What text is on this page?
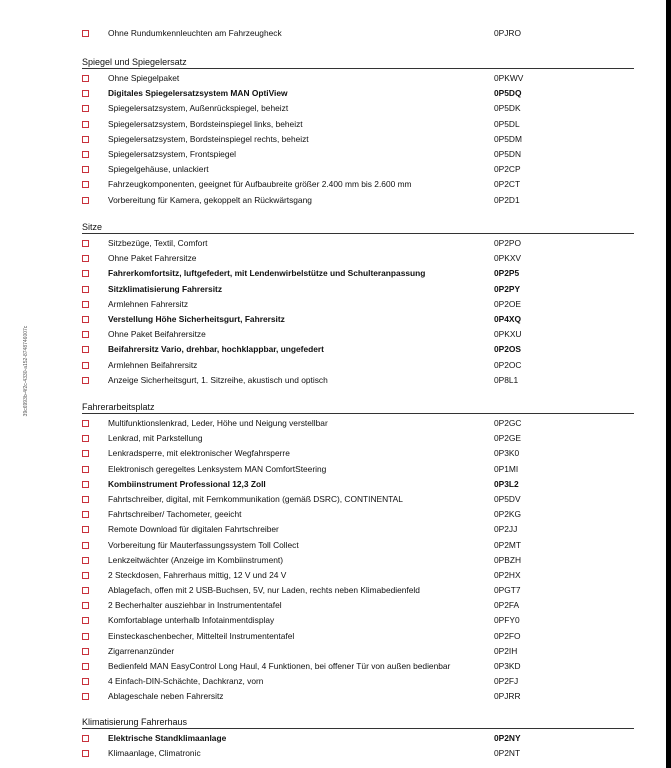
39c6993b-4f2c-4330-a152-8748746007c
Ohne Rundumkennleuchten am Fahrzeugheck	0PJRO
Spiegel und Spiegelersatz
Ohne Spiegelpaket	0PKWV
Digitales Spiegelersatzsystem MAN OptiView	0P5DQ
Spiegelersatzsystem, Außenrückspiegel, beheizt	0P5DK
Spiegelersatzsystem, Bordsteinspiegel links, beheizt	0P5DL
Spiegelersatzsystem, Bordsteinspiegel rechts, beheizt	0P5DM
Spiegelersatzsystem, Frontspiegel	0P5DN
Spiegelgehäuse, unlackiert	0P2CP
Fahrzeugkomponenten, geeignet für Aufbaubreite größer 2.400 mm bis 2.600 mm	0P2CT
Vorbereitung für Kamera, gekoppelt an Rückwärtsgang	0P2D1
Sitze
Sitzbezüge, Textil, Comfort	0P2PO
Ohne Paket Fahrersitze	0PKXV
Fahrerkomfortsitz, luftgefedert, mit Lendenwirbelstütze und Schulteranpassung	0P2P5
Sitzklimatisierung Fahrersitz	0P2PY
Armlehnen Fahrersitz	0P2OE
Verstellung Höhe Sicherheitsgurt, Fahrersitz	0P4XQ
Ohne Paket Beifahrersitze	0PKXU
Beifahrersitz Vario, drehbar, hochklappbar, ungefedert	0P2OS
Armlehnen Beifahrersitz	0P2OC
Anzeige Sicherheitsgurt, 1. Sitzreihe, akustisch und optisch	0P8L1
Fahrerarbeitsplatz
Multifunktionslenkrad, Leder, Höhe und Neigung verstellbar	0P2GC
Lenkrad, mit Parkstellung	0P2GE
Lenkradsperre, mit elektronischer Wegfahrsperre	0P3K0
Elektronisch geregeltes Lenksystem MAN ComfortSteering	0P1MI
Kombiinstrument Professional 12,3 Zoll	0P3L2
Fahrtschreiber, digital, mit Fernkommunikation (gemäß DSRC), CONTINENTAL	0P5DV
Fahrtschreiber/ Tachometer, geeicht	0P2KG
Remote Download für digitalen Fahrtschreiber	0P2JJ
Vorbereitung für Mauterfassungssystem Toll Collect	0P2MT
Lenkzeitwächter (Anzeige im Kombiinstrument)	0PBZH
2 Steckdosen, Fahrerhaus mittig, 12 V und 24 V	0P2HX
Ablagefach, offen mit 2 USB-Buchsen, 5V, nur Laden, rechts neben Klimabedienfeld	0PGT7
2 Becherhalter ausziehbar in Instrumententafel	0P2FA
Komfortablage unterhalb Infotainmentdisplay	0PFY0
Einsteckaschenbecher, Mittelteil Instrumententafel	0P2FO
Zigarrenanzünder	0P2IH
Bedienfeld MAN EasyControl Long Haul, 4 Funktionen, bei offener Tür von außen bedienbar	0P3KD
4 Einfach-DIN-Schächte, Dachkranz, vorn	0P2FJ
Ablageschale neben Fahrersitz	0PJRR
Klimatisierung Fahrerhaus
Elektrische Standklimaanlage	0P2NY
Klimaanlage, Climatronic	0P2NT
